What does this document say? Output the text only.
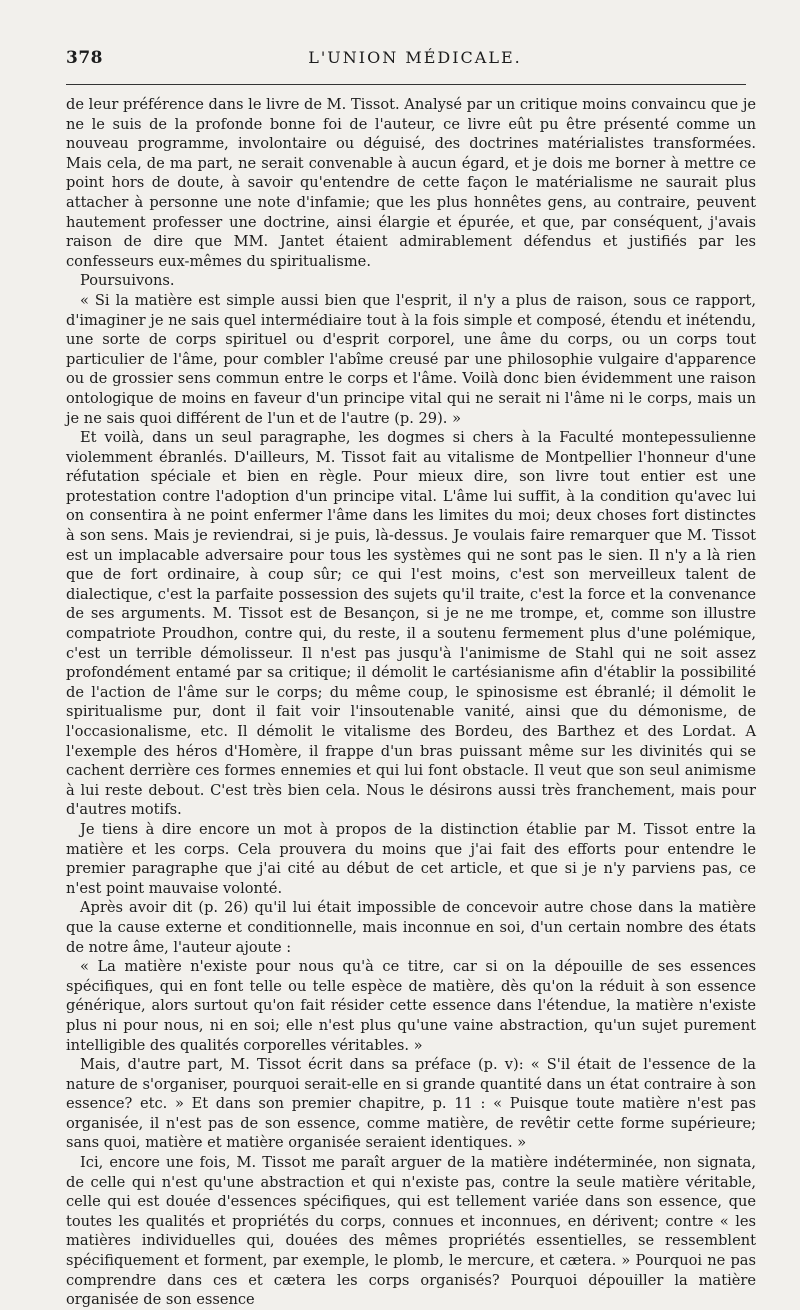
378	L'UNION MÉDICALE.

de leur préférence dans le livre de M. Tissot. Analysé par un critique moins convaincu que je ne le suis de la profonde bonne foi de l'auteur, ce livre eût pu être présenté comme un nouveau programme, involontaire ou déguisé, des doctrines matérialistes transformées. Mais cela, de ma part, ne serait convenable à aucun égard, et je dois me borner à mettre ce point hors de doute, à savoir qu'entendre de cette façon le matérialisme ne saurait plus attacher à personne une note d'infamie; que les plus honnêtes gens, au contraire, peuvent hautement professer une doctrine, ainsi élargie et épurée, et que, par conséquent, j'avais raison de dire que MM. Jantet étaient admirablement défendus et justifiés par les confesseurs eux-mêmes du spiritualisme.

Poursuivons.

« Si la matière est simple aussi bien que l'esprit, il n'y a plus de raison, sous ce rapport, d'imaginer je ne sais quel intermédiaire tout à la fois simple et composé, étendu et inétendu, une sorte de corps spirituel ou d'esprit corporel, une âme du corps, ou un corps tout particulier de l'âme, pour combler l'abîme creusé par une philosophie vulgaire d'apparence ou de grossier sens commun entre le corps et l'âme. Voilà donc bien évidemment une raison ontologique de moins en faveur d'un principe vital qui ne serait ni l'âme ni le corps, mais un je ne sais quoi différent de l'un et de l'autre (p. 29). »

Et voilà, dans un seul paragraphe, les dogmes si chers à la Faculté montepessulienne violemment ébranlés. D'ailleurs, M. Tissot fait au vitalisme de Montpellier l'honneur d'une réfutation spéciale et bien en règle. Pour mieux dire, son livre tout entier est une protestation contre l'adoption d'un principe vital. L'âme lui suffit, à la condition qu'avec lui on consentira à ne point enfermer l'âme dans les limites du moi; deux choses fort distinctes à son sens. Mais je reviendrai, si je puis, là-dessus. Je voulais faire remarquer que M. Tissot est un implacable adversaire pour tous les systèmes qui ne sont pas le sien. Il n'y a là rien que de fort ordinaire, à coup sûr; ce qui l'est moins, c'est son merveilleux talent de dialectique, c'est la parfaite possession des sujets qu'il traite, c'est la force et la convenance de ses arguments. M. Tissot est de Besançon, si je ne me trompe, et, comme son illustre compatriote Proudhon, contre qui, du reste, il a soutenu fermement plus d'une polémique, c'est un terrible démolisseur. Il n'est pas jusqu'à l'animisme de Stahl qui ne soit assez profondément entamé par sa critique; il démolit le cartésianisme afin d'établir la possibilité de l'action de l'âme sur le corps; du même coup, le spinosisme est ébranlé; il démolit le spiritualisme pur, dont il fait voir l'insoutenable vanité, ainsi que du démonisme, de l'occasionalisme, etc. Il démolit le vitalisme des Bordeu, des Barthez et des Lordat. A l'exemple des héros d'Homère, il frappe d'un bras puissant même sur les divinités qui se cachent derrière ces formes ennemies et qui lui font obstacle. Il veut que son seul animisme à lui reste debout. C'est très bien cela. Nous le désirons aussi très franchement, mais pour d'autres motifs.

Je tiens à dire encore un mot à propos de la distinction établie par M. Tissot entre la matière et les corps. Cela prouvera du moins que j'ai fait des efforts pour entendre le premier paragraphe que j'ai cité au début de cet article, et que si je n'y parviens pas, ce n'est point mauvaise volonté.

Après avoir dit (p. 26) qu'il lui était impossible de concevoir autre chose dans la matière que la cause externe et conditionnelle, mais inconnue en soi, d'un certain nombre des états de notre âme, l'auteur ajoute :

« La matière n'existe pour nous qu'à ce titre, car si on la dépouille de ses essences spécifiques, qui en font telle ou telle espèce de matière, dès qu'on la réduit à son essence générique, alors surtout qu'on fait résider cette essence dans l'étendue, la matière n'existe plus ni pour nous, ni en soi; elle n'est plus qu'une vaine abstraction, qu'un sujet purement intelligible des qualités corporelles véritables. »

Mais, d'autre part, M. Tissot écrit dans sa préface (p. v): « S'il était de l'essence de la nature de s'organiser, pourquoi serait-elle en si grande quantité dans un état contraire à son essence? etc. » Et dans son premier chapitre, p. 11 : « Puisque toute matière n'est pas organisée, il n'est pas de son essence, comme matière, de revêtir cette forme supérieure; sans quoi, matière et matière organisée seraient identiques. »

Ici, encore une fois, M. Tissot me paraît arguer de la matière indéterminée, non signata, de celle qui n'est qu'une abstraction et qui n'existe pas, contre la seule matière véritable, celle qui est douée d'essences spécifiques, qui est tellement variée dans son essence, que toutes les qualités et propriétés du corps, connues et inconnues, en dérivent; contre « les matières individuelles qui, douées des mêmes propriétés essentielles, se ressemblent spécifiquement et forment, par exemple, le plomb, le mercure, et cætera. » Pourquoi ne pas comprendre dans ces et cætera les corps organisés? Pourquoi dépouiller la matière organisée de son essence
